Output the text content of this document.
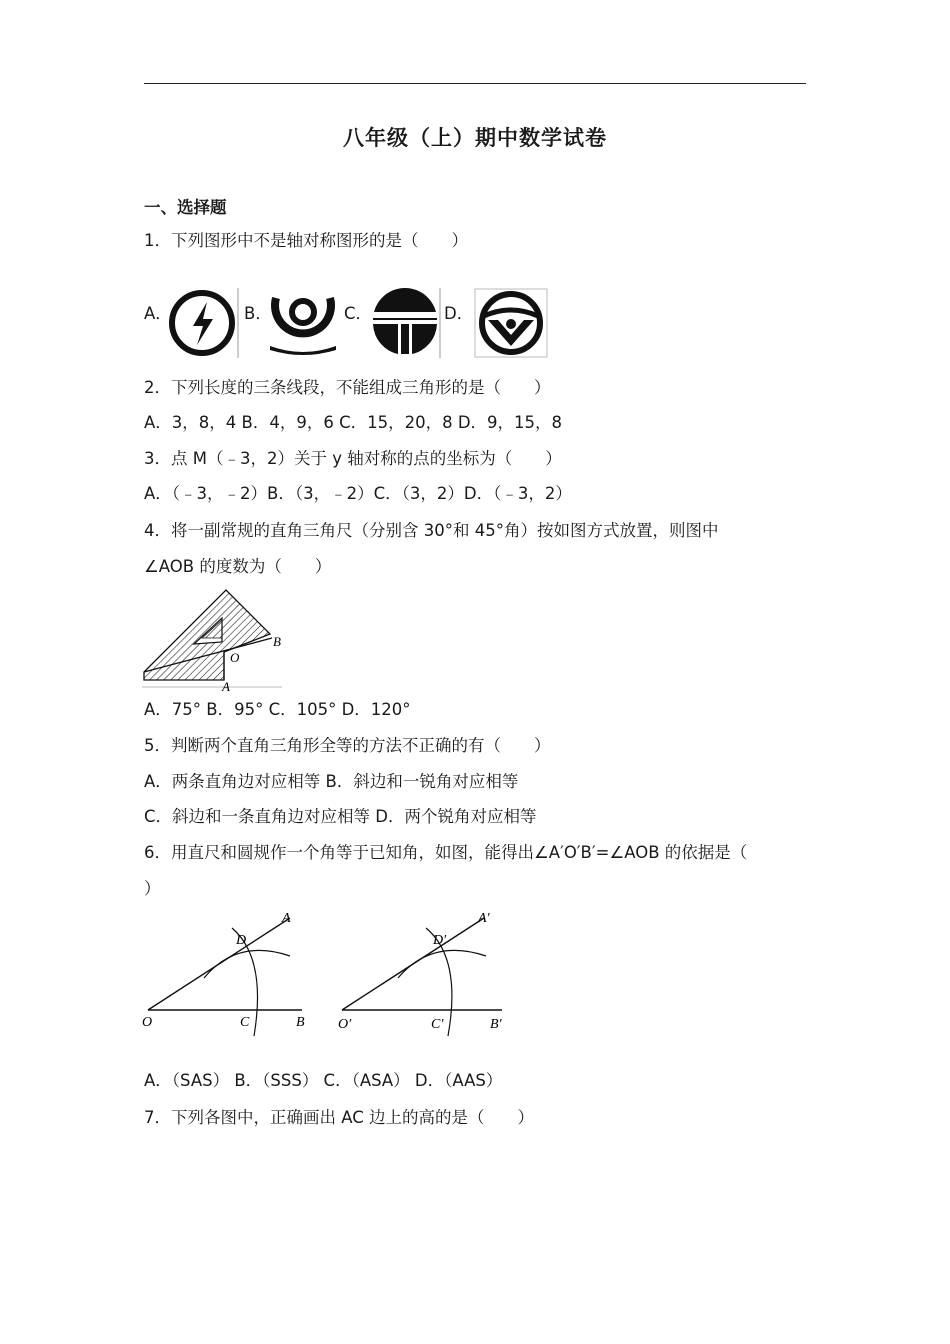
八年级（上）期中数学试卷
一、选择题
1．下列图形中不是轴对称图形的是（　　）
A．	B．	C．	D．
2．下列长度的三条线段，不能组成三角形的是（　　）
A．3，8，4 B．4，9，6 C．15，20，8 D．9，15，8
3．点 M（﹣3，2）关于 y 轴对称的点的坐标为（　　）
A．（﹣3，﹣2）B．（3，﹣2）C．（3，2）D．（﹣3，2）
4．将一副常规的直角三角尺（分别含 30°和 45°角）按如图方式放置，则图中
∠AOB 的度数为（　　）
B
O
A
A．75° B．95° C．105° D．120°
5．判断两个直角三角形全等的方法不正确的有（　　）
A．两条直角边对应相等 B．斜边和一锐角对应相等
C．斜边和一条直角边对应相等 D．两个锐角对应相等
6．用直尺和圆规作一个角等于已知角，如图，能得出∠A′O′B′=∠AOB 的依据是（
）
O	C	B
D
A
O′	C′	B′
D′
A′
A．（SAS） B．（SSS） C．（ASA） D．（AAS）
7．下列各图中，正确画出 AC 边上的高的是（　　）
